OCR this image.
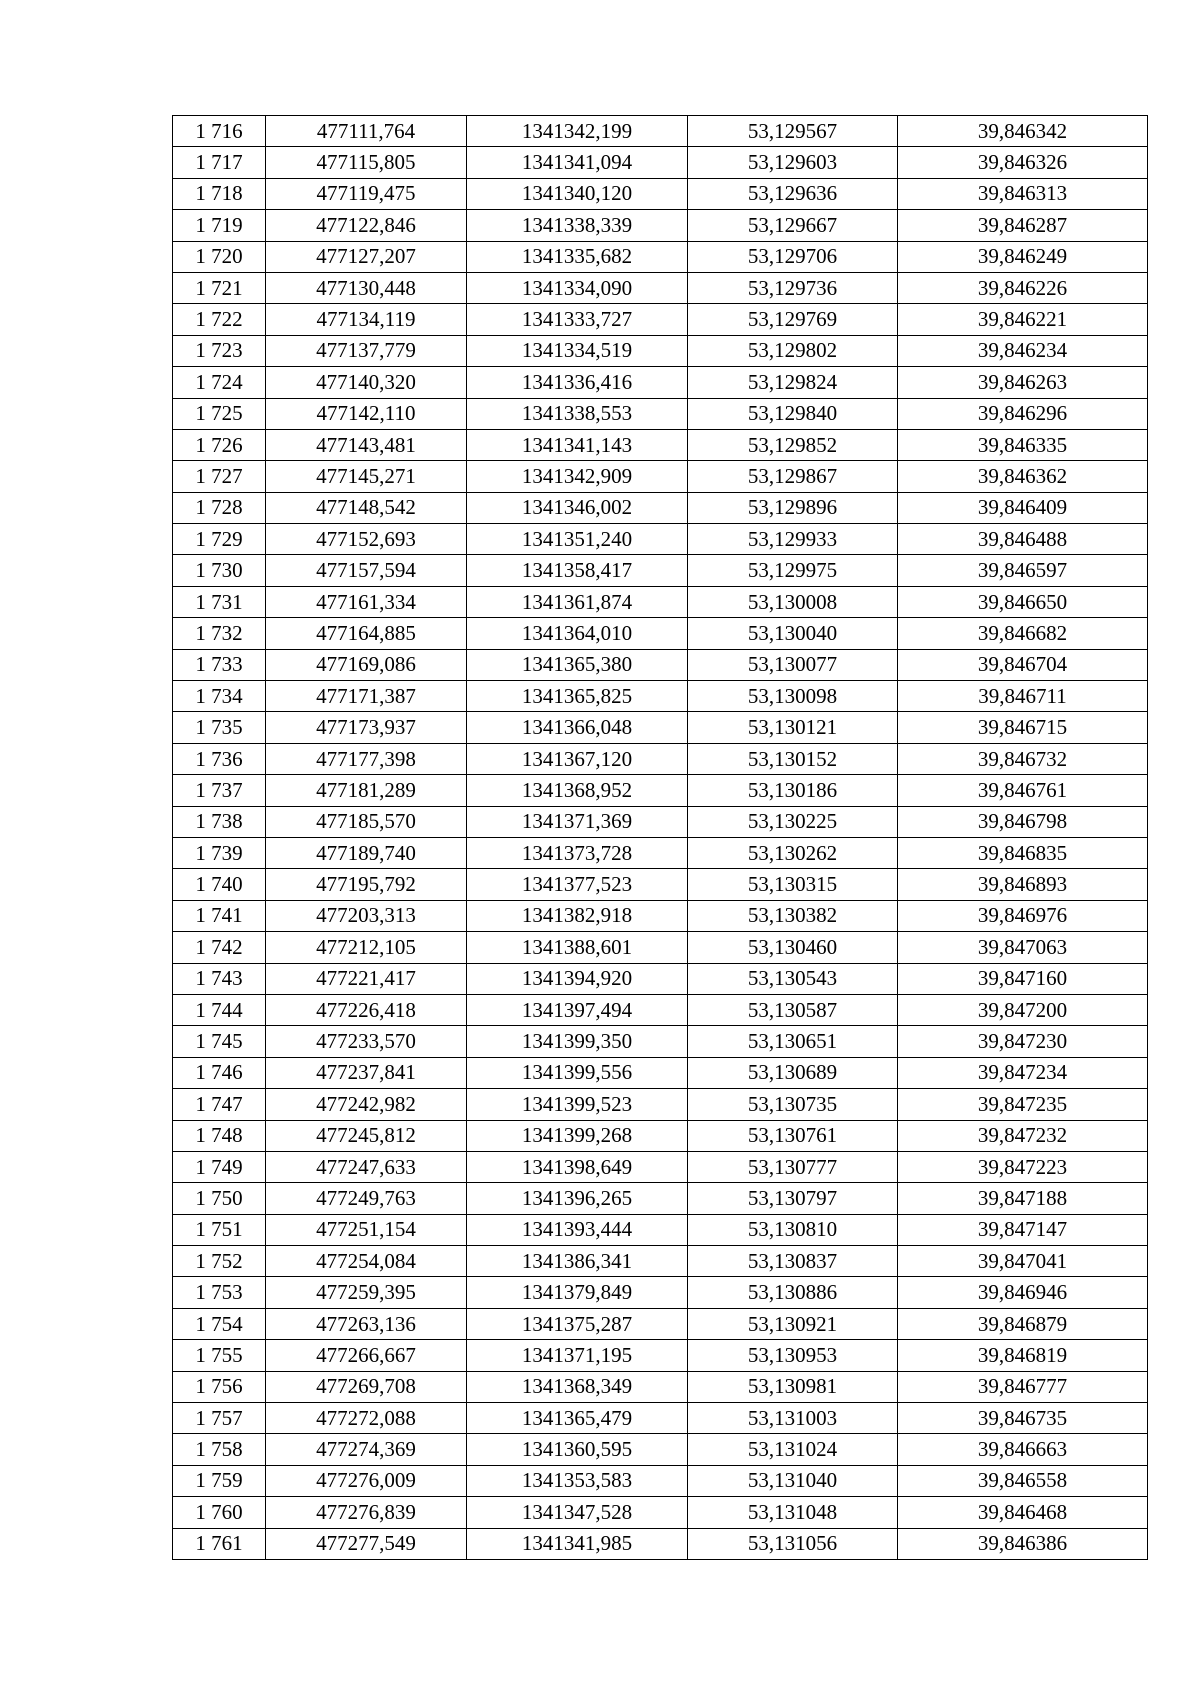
1 716	477111,764	1341342,199	53,129567	39,846342
1 717	477115,805	1341341,094	53,129603	39,846326
1 718	477119,475	1341340,120	53,129636	39,846313
1 719	477122,846	1341338,339	53,129667	39,846287
1 720	477127,207	1341335,682	53,129706	39,846249
1 721	477130,448	1341334,090	53,129736	39,846226
1 722	477134,119	1341333,727	53,129769	39,846221
1 723	477137,779	1341334,519	53,129802	39,846234
1 724	477140,320	1341336,416	53,129824	39,846263
1 725	477142,110	1341338,553	53,129840	39,846296
1 726	477143,481	1341341,143	53,129852	39,846335
1 727	477145,271	1341342,909	53,129867	39,846362
1 728	477148,542	1341346,002	53,129896	39,846409
1 729	477152,693	1341351,240	53,129933	39,846488
1 730	477157,594	1341358,417	53,129975	39,846597
1 731	477161,334	1341361,874	53,130008	39,846650
1 732	477164,885	1341364,010	53,130040	39,846682
1 733	477169,086	1341365,380	53,130077	39,846704
1 734	477171,387	1341365,825	53,130098	39,846711
1 735	477173,937	1341366,048	53,130121	39,846715
1 736	477177,398	1341367,120	53,130152	39,846732
1 737	477181,289	1341368,952	53,130186	39,846761
1 738	477185,570	1341371,369	53,130225	39,846798
1 739	477189,740	1341373,728	53,130262	39,846835
1 740	477195,792	1341377,523	53,130315	39,846893
1 741	477203,313	1341382,918	53,130382	39,846976
1 742	477212,105	1341388,601	53,130460	39,847063
1 743	477221,417	1341394,920	53,130543	39,847160
1 744	477226,418	1341397,494	53,130587	39,847200
1 745	477233,570	1341399,350	53,130651	39,847230
1 746	477237,841	1341399,556	53,130689	39,847234
1 747	477242,982	1341399,523	53,130735	39,847235
1 748	477245,812	1341399,268	53,130761	39,847232
1 749	477247,633	1341398,649	53,130777	39,847223
1 750	477249,763	1341396,265	53,130797	39,847188
1 751	477251,154	1341393,444	53,130810	39,847147
1 752	477254,084	1341386,341	53,130837	39,847041
1 753	477259,395	1341379,849	53,130886	39,846946
1 754	477263,136	1341375,287	53,130921	39,846879
1 755	477266,667	1341371,195	53,130953	39,846819
1 756	477269,708	1341368,349	53,130981	39,846777
1 757	477272,088	1341365,479	53,131003	39,846735
1 758	477274,369	1341360,595	53,131024	39,846663
1 759	477276,009	1341353,583	53,131040	39,846558
1 760	477276,839	1341347,528	53,131048	39,846468
1 761	477277,549	1341341,985	53,131056	39,846386
